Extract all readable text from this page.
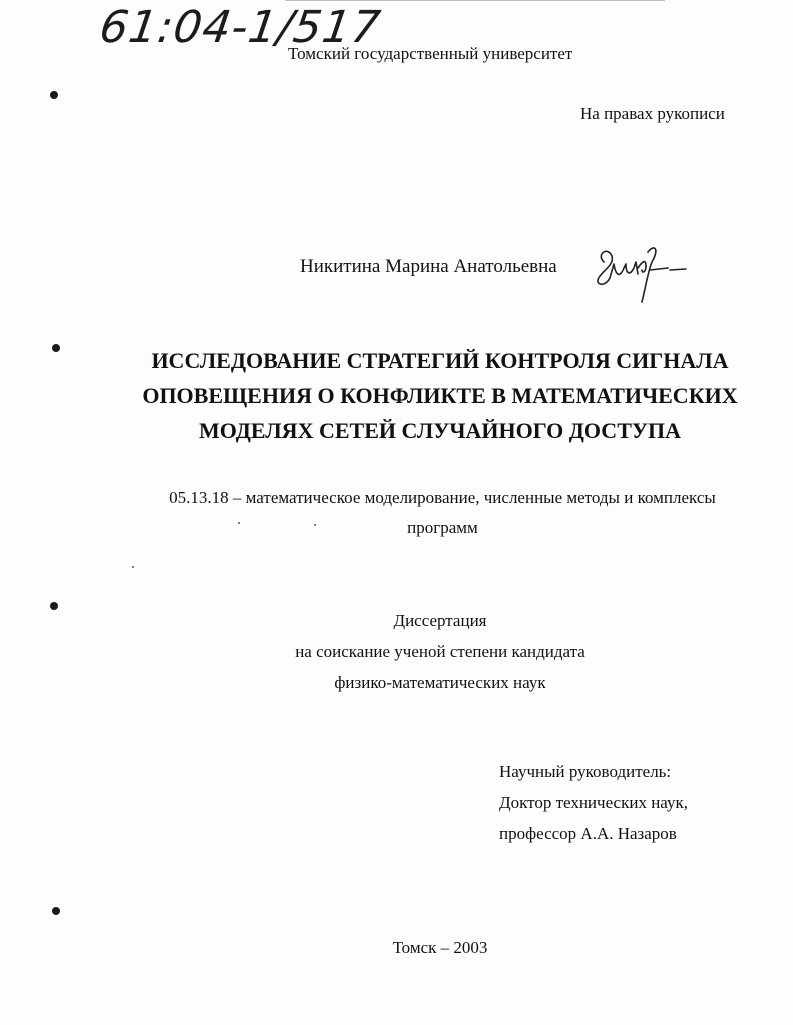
61:04-1/517
Томский государственный университет
На правах рукописи
Никитина Марина Анатольевна
ИССЛЕДОВАНИЕ СТРАТЕГИЙ КОНТРОЛЯ СИГНАЛА
ОПОВЕЩЕНИЯ О КОНФЛИКТЕ В МАТЕМАТИЧЕСКИХ
МОДЕЛЯХ СЕТЕЙ СЛУЧАЙНОГО ДОСТУПА
05.13.18 – математическое моделирование, численные методы и комплексы
программ
Диссертация
на соискание ученой степени кандидата
физико-математических наук
Научный руководитель:
Доктор технических наук,
профессор А.А. Назаров
Томск – 2003
